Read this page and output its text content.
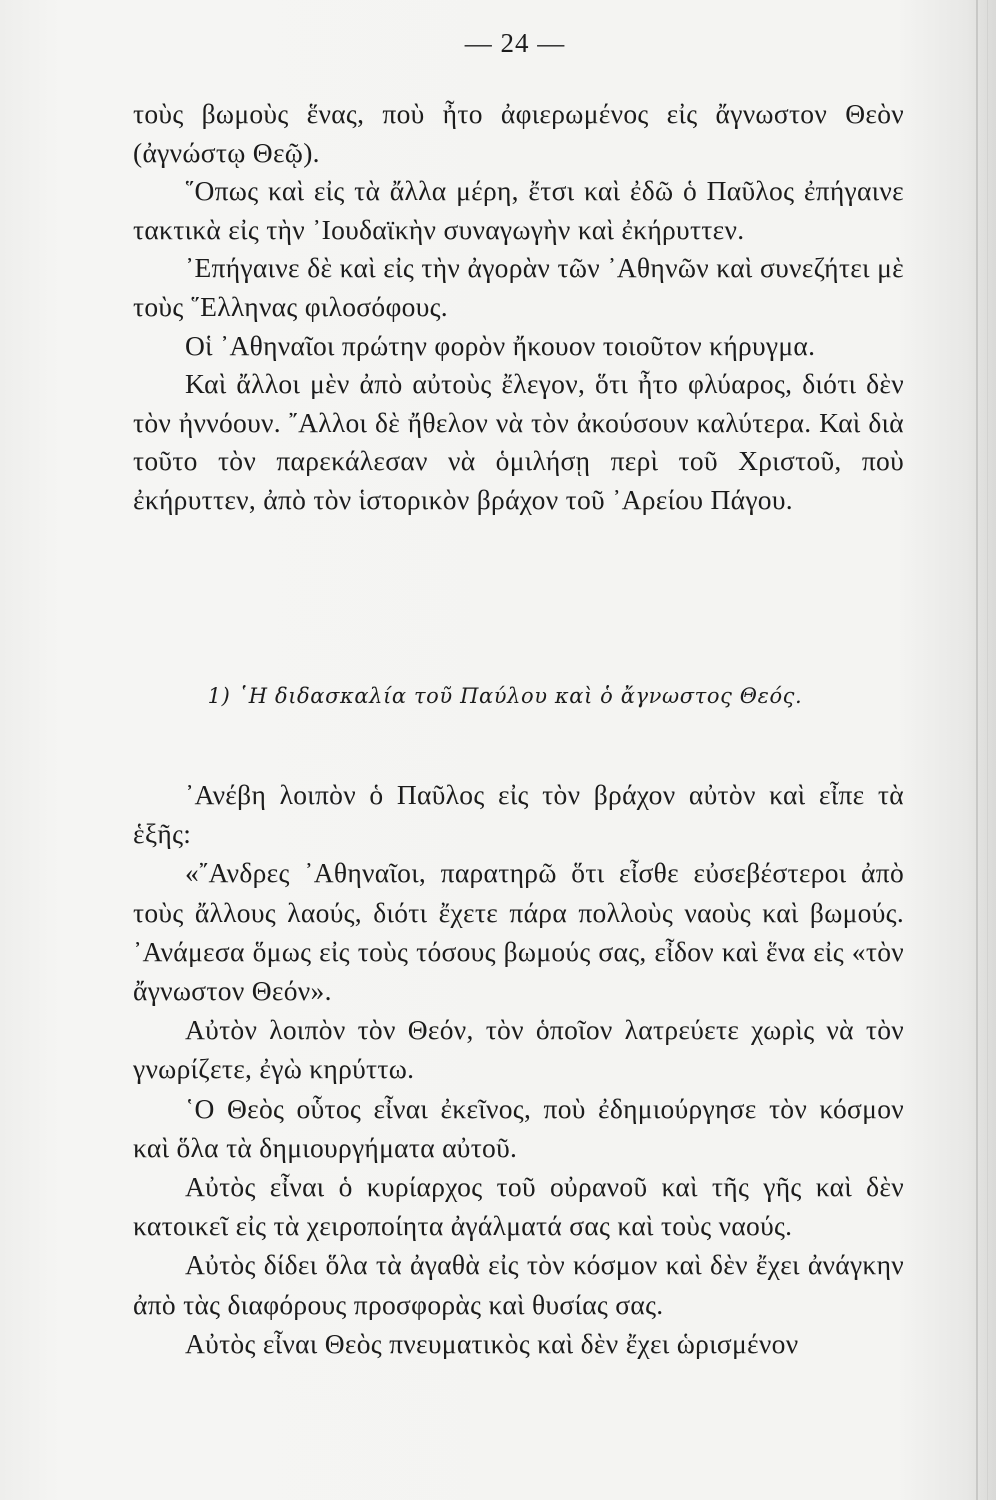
— 24 —

τοὺς βωμοὺς ἕνας, ποὺ ἦτο ἀφιερωμένος εἰς ἄγνωστον Θεὸν (ἀγνώστῳ Θεῷ).

῞Οπως καὶ εἰς τὰ ἄλλα μέρη, ἔτσι καὶ ἐδῶ ὁ Παῦλος ἐπήγαινε τακτικὰ εἰς τὴν ᾿Ιουδαϊκὴν συναγωγὴν καὶ ἐκήρυττεν.

᾿Επήγαινε δὲ καὶ εἰς τὴν ἀγορὰν τῶν ᾿Αθηνῶν καὶ συνεζήτει μὲ τοὺς ῞Ελληνας φιλοσόφους.

Οἱ ᾿Αθηναῖοι πρώτην φορὸν ἤκουον τοιοῦτον κήρυγμα.

Καὶ ἄλλοι μὲν ἀπὸ αὐτοὺς ἔλεγον, ὅτι ἦτο φλύαρος, διότι δὲν τὸν ἠννόουν. ῎Αλλοι δὲ ἤθελον νὰ τὸν ἀκούσουν καλύτερα. Καὶ διὰ τοῦτο τὸν παρεκάλεσαν νὰ ὁμιλήσῃ περὶ τοῦ Χριστοῦ, ποὺ ἐκήρυττεν, ἀπὸ τὸν ἱστορικὸν βράχον τοῦ ᾿Αρείου Πάγου.

1) ῾Η διδασκαλία τοῦ Παύλου καὶ ὁ ἄγνωστος Θεός.

᾿Ανέβη λοιπὸν ὁ Παῦλος εἰς τὸν βράχον αὐτὸν καὶ εἶπε τὰ ἑξῆς:

«῎Ανδρες ᾿Αθηναῖοι, παρατηρῶ ὅτι εἶσθε εὐσεβέστεροι ἀπὸ τοὺς ἄλλους λαούς, διότι ἔχετε πάρα πολλοὺς ναοὺς καὶ βωμούς. ᾿Ανάμεσα ὅμως εἰς τοὺς τόσους βωμούς σας, εἶδον καὶ ἕνα εἰς «τὸν ἄγνωστον Θεόν».

Αὐτὸν λοιπὸν τὸν Θεόν, τὸν ὁποῖον λατρεύετε χωρὶς νὰ τὸν γνωρίζετε, ἐγὼ κηρύττω.

῾Ο Θεὸς οὗτος εἶναι ἐκεῖνος, ποὺ ἐδημιούργησε τὸν κόσμον καὶ ὅλα τὰ δημιουργήματα αὐτοῦ.

Αὐτὸς εἶναι ὁ κυρίαρχος τοῦ οὐρανοῦ καὶ τῆς γῆς καὶ δὲν κατοικεῖ εἰς τὰ χειροποίητα ἀγάλματά σας καὶ τοὺς ναούς.

Αὐτὸς δίδει ὅλα τὰ ἀγαθὰ εἰς τὸν κόσμον καὶ δὲν ἔχει ἀνάγκην ἀπὸ τὰς διαφόρους προσφορὰς καὶ θυσίας σας.

Αὐτὸς εἶναι Θεὸς πνευματικὸς καὶ δὲν ἔχει ὡρισμένον
